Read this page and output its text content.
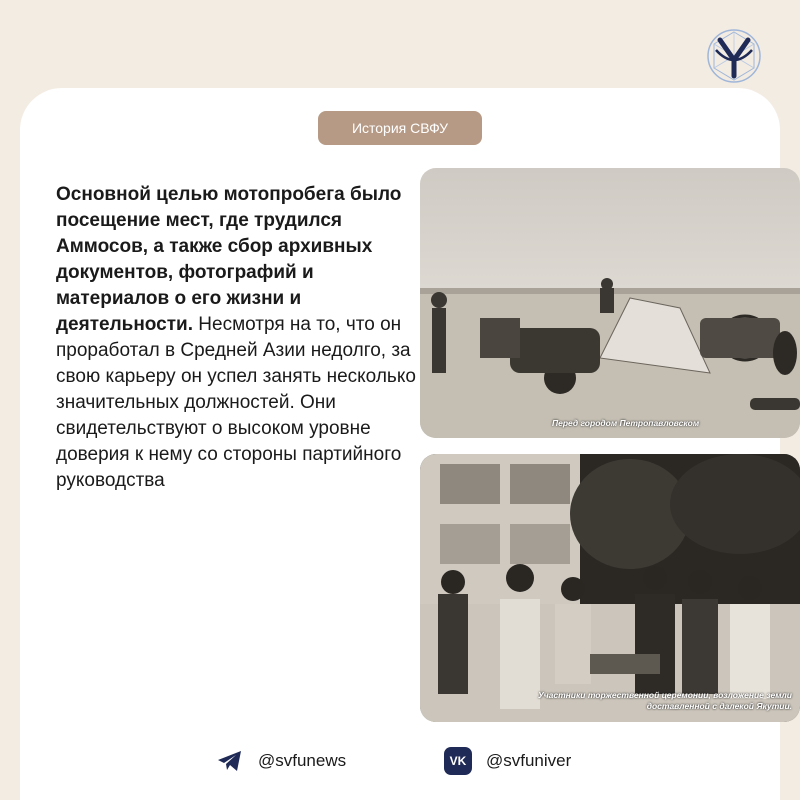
История СВФУ
Основной целью мотопробега было посещение мест, где трудился Аммосов, а также сбор архивных документов, фотографий и материалов о его жизни и деятельности. Несмотря на то, что он проработал в Средней Азии недолго, за свою карьеру он успел занять несколько значительных должностей. Они свидетельствуют о высоком уровне доверия к нему со стороны партийного руководства
Перед городом Петропавловском
Участники торжественной церемонии, возложение земли
доставленной с далекой Якутии.
@svfunews	VK	@svfuniver
